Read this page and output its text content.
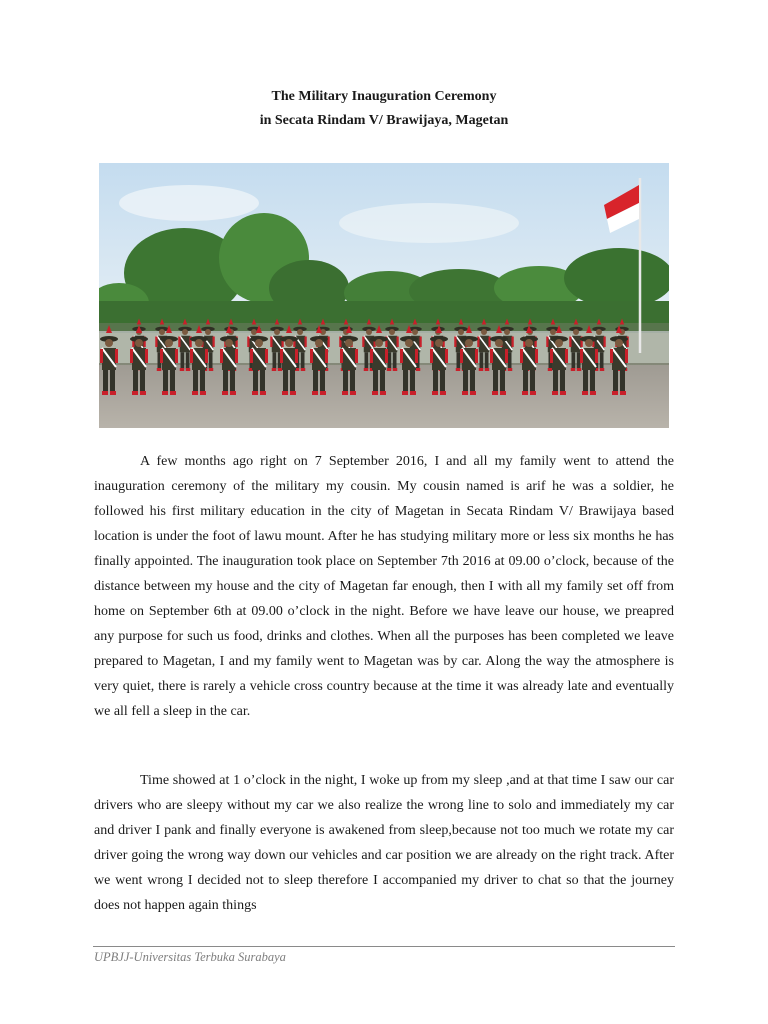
The Military Inauguration Ceremony
in Secata Rindam V/ Brawijaya, Magetan

A few months ago right on 7 September 2016, I and all my family went to attend the inauguration ceremony of the military my cousin. My cousin named is arif he was a soldier, he followed his first military education in the city of Magetan in Secata Rindam V/ Brawijaya based location is under the foot of lawu mount. After he has studying military more or less six months he has finally appointed. The inauguration took place on September 7th 2016 at 09.00 o’clock, because of the distance between my house and the city of Magetan far enough, then I with all my family set off from home on September 6th at 09.00 o’clock in the night. Before we have leave our house, we preapred any purpose for such us food, drinks and clothes. When all the purposes has been completed we leave prepared to Magetan, I and my family went to Magetan was by car. Along the way the atmosphere is very quiet, there is rarely a vehicle cross country because at the time it was already late and eventually we all fell a sleep in the car.

Time showed at 1 o’clock in the night, I woke up from my sleep ,and at that time I saw our car drivers who are sleepy without my car we also realize the wrong line to solo and immediately my car and driver I pank and finally everyone is awakened from sleep,because not too much we rotate my car driver going the wrong way down our vehicles and car position we are already on the right track. After we went wrong I decided not to sleep therefore I accompanied my driver to chat so that the journey does not happen again things

UPBJJ-Universitas Terbuka Surabaya
